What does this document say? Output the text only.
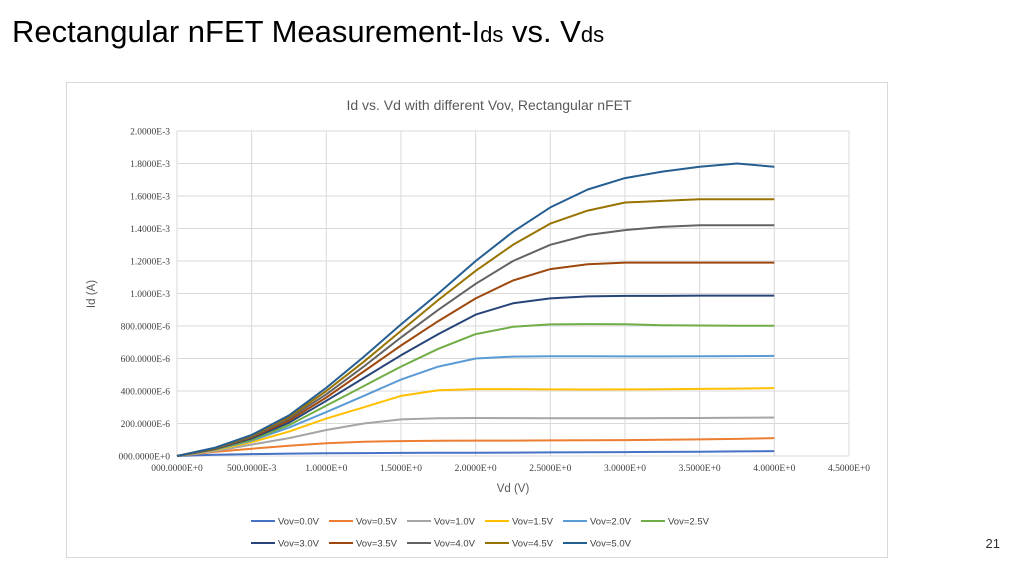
Rectangular nFET Measurement-Ids vs. Vds
000.0000E+0
200.0000E-6
400.0000E-6
600.0000E-6
800.0000E-6
1.0000E-3
1.2000E-3
1.4000E-3
1.6000E-3
1.8000E-3
2.0000E-3
000.0000E+0	500.0000E-3	1.0000E+0	1.5000E+0	2.0000E+0	2.5000E+0	3.0000E+0	3.5000E+0	4.0000E+0	4.5000E+0
Id vs. Vd with different Vov, Rectangular nFET
Vd (V)
Id (A)
Vov=0.0V	Vov=0.5V	Vov=1.0V	Vov=1.5V	Vov=2.0V	Vov=2.5V
Vov=3.0V	Vov=3.5V	Vov=4.0V	Vov=4.5V	Vov=5.0V	21
